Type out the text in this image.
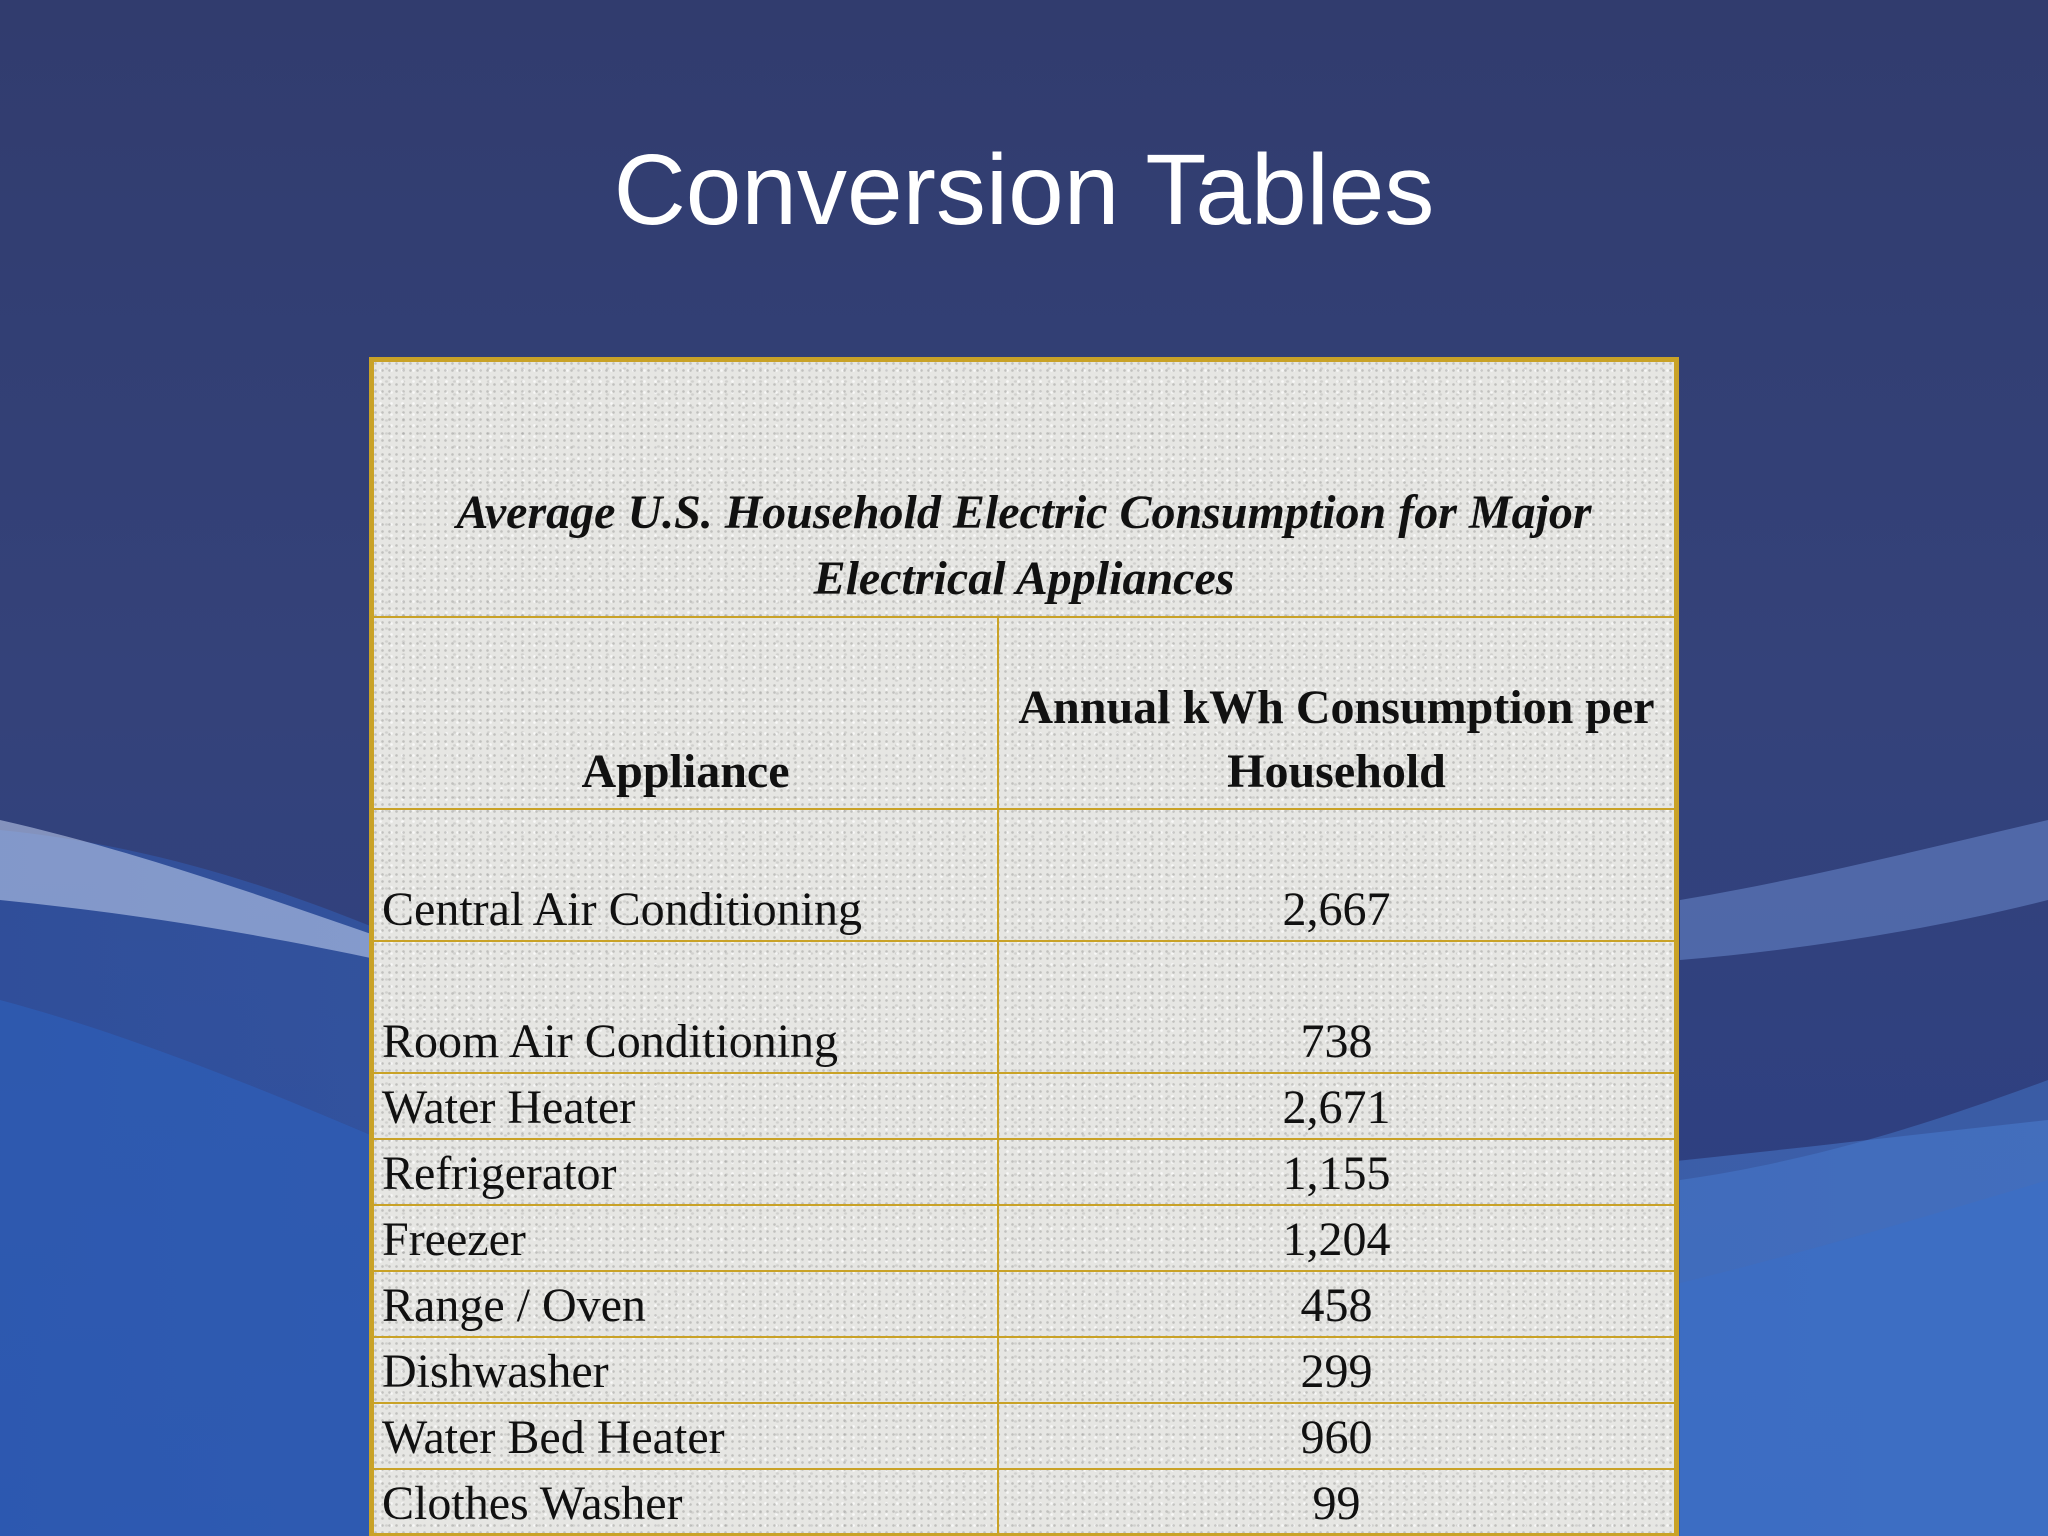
Conversion Tables
Average U.S. Household Electric Consumption for Major Electrical Appliances	
Appliance	Annual kWh Consumption per Household
Central Air Conditioning	2,667
Room Air Conditioning	738
Water Heater	2,671
Refrigerator	1,155
Freezer	1,204
Range / Oven	458
Dishwasher	299
Water Bed Heater	960
Clothes Washer	99
